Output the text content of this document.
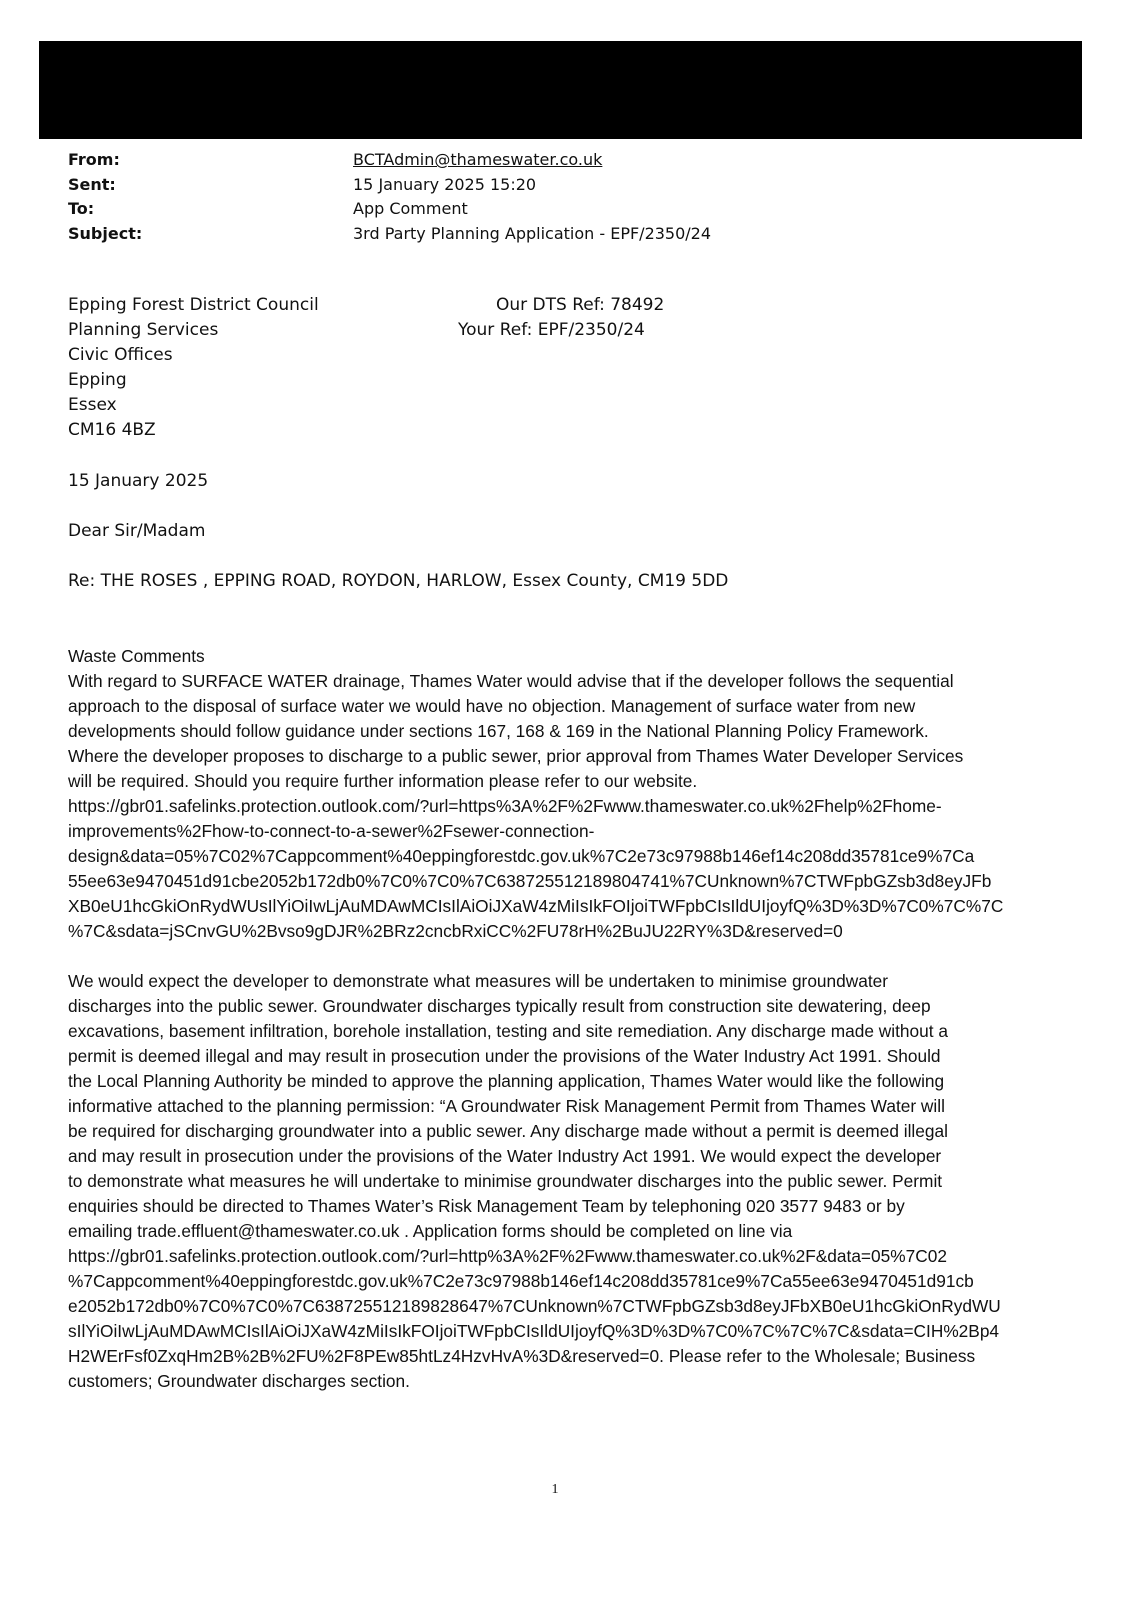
From:	BCTAdmin@thameswater.co.uk
Sent:	15 January 2025 15:20
To:	App Comment
Subject:	3rd Party Planning Application - EPF/2350/24
Epping Forest District Council
Planning Services
Civic Offices
Epping
Essex
CM16 4BZ
Our DTS Ref: 78492
Your Ref: EPF/2350/24
15 January 2025
Dear Sir/Madam
Re: THE ROSES , EPPING ROAD, ROYDON, HARLOW, Essex County, CM19 5DD
Waste Comments
With regard to SURFACE WATER drainage, Thames Water would advise that if the developer follows the sequential
approach to the disposal of surface water we would have no objection. Management of surface water from new
developments should follow guidance under sections 167, 168 & 169 in the National Planning Policy Framework.
Where the developer proposes to discharge to a public sewer, prior approval from Thames Water Developer Services
will be required. Should you require further information please refer to our website.
https://gbr01.safelinks.protection.outlook.com/?url=https%3A%2F%2Fwww.thameswater.co.uk%2Fhelp%2Fhome-
improvements%2Fhow-to-connect-to-a-sewer%2Fsewer-connection-
design&data=05%7C02%7Cappcomment%40eppingforestdc.gov.uk%7C2e73c97988b146ef14c208dd35781ce9%7Ca
55ee63e9470451d91cbe2052b172db0%7C0%7C0%7C638725512189804741%7CUnknown%7CTWFpbGZsb3d8eyJFb
XB0eU1hcGkiOnRydWUsIlYiOiIwLjAuMDAwMCIsIlAiOiJXaW4zMiIsIkFOIjoiTWFpbCIsIldUIjoyfQ%3D%3D%7C0%7C%7C
%7C&sdata=jSCnvGU%2Bvso9gDJR%2BRz2cncbRxiCC%2FU78rH%2BuJU22RY%3D&reserved=0
We would expect the developer to demonstrate what measures will be undertaken to minimise groundwater
discharges into the public sewer. Groundwater discharges typically result from construction site dewatering, deep
excavations, basement infiltration, borehole installation, testing and site remediation. Any discharge made without a
permit is deemed illegal and may result in prosecution under the provisions of the Water Industry Act 1991. Should
the Local Planning Authority be minded to approve the planning application, Thames Water would like the following
informative attached to the planning permission: “A Groundwater Risk Management Permit from Thames Water will
be required for discharging groundwater into a public sewer. Any discharge made without a permit is deemed illegal
and may result in prosecution under the provisions of the Water Industry Act 1991. We would expect the developer
to demonstrate what measures he will undertake to minimise groundwater discharges into the public sewer. Permit
enquiries should be directed to Thames Water’s Risk Management Team by telephoning 020 3577 9483 or by
emailing trade.effluent@thameswater.co.uk . Application forms should be completed on line via
https://gbr01.safelinks.protection.outlook.com/?url=http%3A%2F%2Fwww.thameswater.co.uk%2F&data=05%7C02
%7Cappcomment%40eppingforestdc.gov.uk%7C2e73c97988b146ef14c208dd35781ce9%7Ca55ee63e9470451d91cb
e2052b172db0%7C0%7C0%7C638725512189828647%7CUnknown%7CTWFpbGZsb3d8eyJFbXB0eU1hcGkiOnRydWU
sIlYiOiIwLjAuMDAwMCIsIlAiOiJXaW4zMiIsIkFOIjoiTWFpbCIsIldUIjoyfQ%3D%3D%7C0%7C%7C%7C&sdata=CIH%2Bp4
H2WErFsf0ZxqHm2B%2B%2FU%2F8PEw85htLz4HzvHvA%3D&reserved=0. Please refer to the Wholesale; Business
customers; Groundwater discharges section.
1
